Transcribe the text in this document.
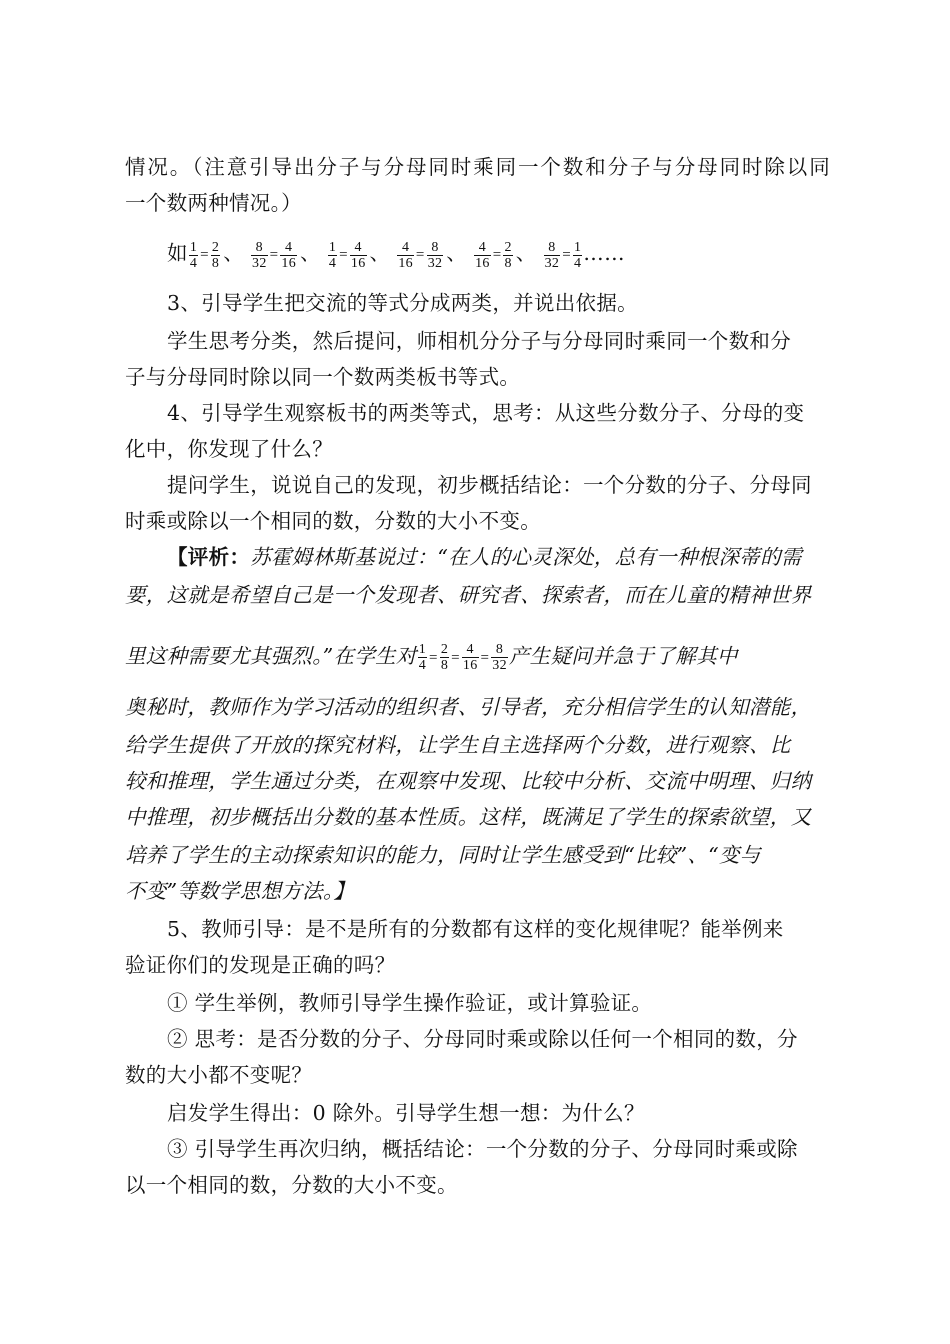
情况。（注意引导出分子与分母同时乘同一个数和分子与分母同时除以同
一个数两种情况。）
如 $\frac{1}{4} = \frac{2}{8}$ 、 $\frac{8}{32} = \frac{4}{16}$ 、 $\frac{1}{4} = \frac{4}{16}$ 、 $\frac{4}{16} = \frac{8}{32}$ 、 $\frac{4}{16} = \frac{2}{8}$ 、 $\frac{8}{32} = \frac{1}{4}$ ……
3、引导学生把交流的等式分成两类，并说出依据。
学生思考分类，然后提问，师相机分分子与分母同时乘同一个数和分
子与分母同时除以同一个数两类板书等式。
4、引导学生观察板书的两类等式，思考：从这些分数分子、分母的变
化中，你发现了什么？
提问学生，说说自己的发现，初步概括结论：一个分数的分子、分母同
时乘或除以一个相同的数，分数的大小不变。
【评析：苏霍姆林斯基说过：“在人的心灵深处，总有一种根深蒂的需
要，这就是希望自己是一个发现者、研究者、探索者，而在儿童的精神世界
里这种需要尤其强烈。”在学生对 $\frac{1}{4} = \frac{2}{8} = \frac{4}{16} = \frac{8}{32}$ 产生疑问并急于了解其中
奥秘时，教师作为学习活动的组织者、引导者，充分相信学生的认知潜能，
给学生提供了开放的探究材料，让学生自主选择两个分数，进行观察、比
较和推理，学生通过分类，在观察中发现、比较中分析、交流中明理、归纳
中推理，初步概括出分数的基本性质。这样，既满足了学生的探索欲望，又
培养了学生的主动探索知识的能力，同时让学生感受到“比较”、“变与
不变”等数学思想方法。】
5、教师引导：是不是所有的分数都有这样的变化规律呢？能举例来
验证你们的发现是正确的吗？
① 学生举例，教师引导学生操作验证，或计算验证。
② 思考：是否分数的分子、分母同时乘或除以任何一个相同的数，分
数的大小都不变呢？
启发学生得出：0 除外。引导学生想一想：为什么？
③ 引导学生再次归纳，概括结论：一个分数的分子、分母同时乘或除
以一个相同的数，分数的大小不变。
